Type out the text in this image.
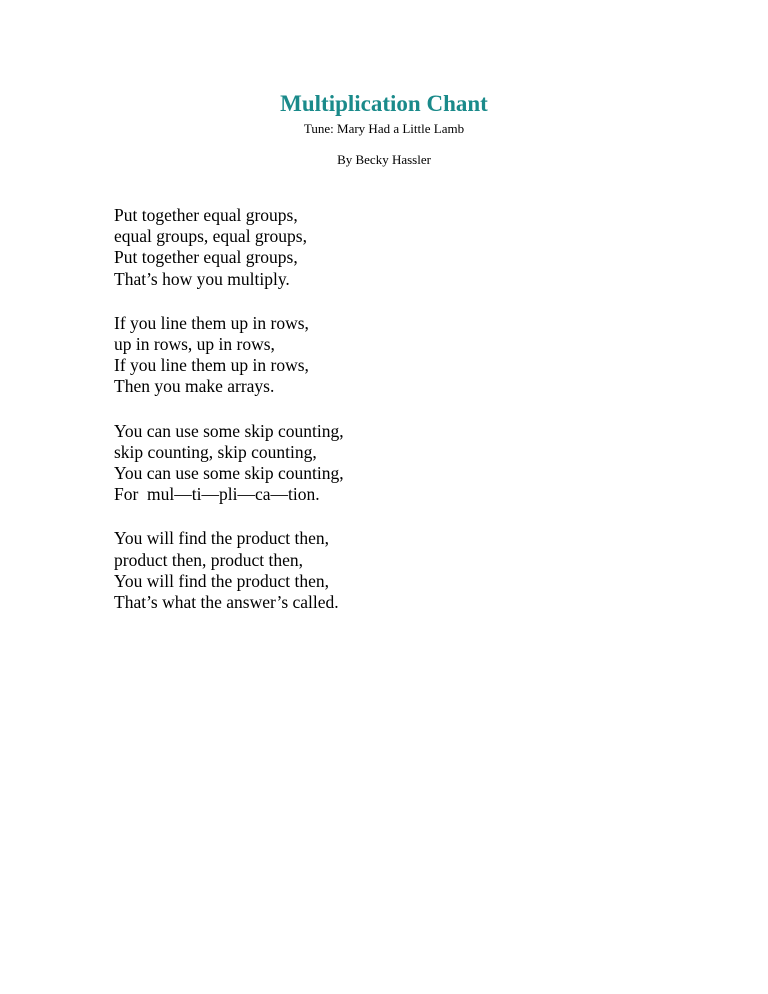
Multiplication Chant
Tune: Mary Had a Little Lamb
By Becky Hassler
Put together equal groups,
equal groups, equal groups,
Put together equal groups,
That’s how you multiply.
If you line them up in rows,
up in rows, up in rows,
If you line them up in rows,
Then you make arrays.
You can use some skip counting,
skip counting, skip counting,
You can use some skip counting,
For  mul—ti—pli—ca—tion.
You will find the product then,
product then, product then,
You will find the product then,
That’s what the answer’s called.
